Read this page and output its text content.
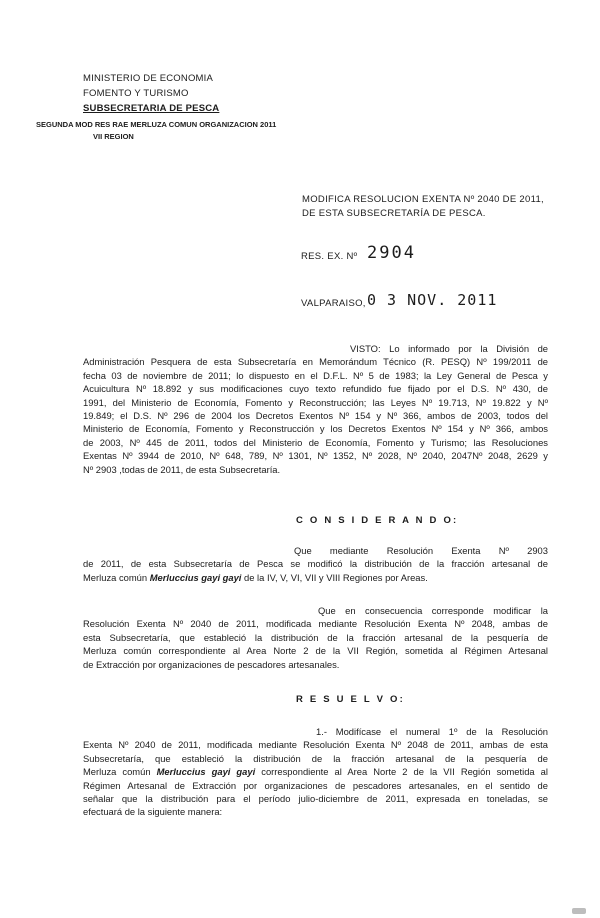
MINISTERIO DE ECONOMIA
FOMENTO Y TURISMO
SUBSECRETARIA DE PESCA
SEGUNDA MOD RES RAE MERLUZA COMUN ORGANIZACION 2011
VII REGION
MODIFICA RESOLUCION EXENTA Nº 2040 DE 2011,
DE ESTA SUBSECRETARÍA DE PESCA.
RES. EX. Nº 2904
VALPARAISO, 0 3 NOV. 2011
VISTO: Lo informado por la División de
Administración Pesquera de esta Subsecretaría en Memorándum Técnico (R. PESQ) Nº 199/2011 de
fecha 03 de noviembre de 2011; lo dispuesto en el D.F.L. Nº 5 de 1983; la Ley General de Pesca y
Acuicultura Nº 18.892 y sus modificaciones cuyo texto refundido fue fijado por el D.S. Nº 430, de
1991, del Ministerio de Economía, Fomento y Reconstrucción; las Leyes Nº 19.713, Nº 19.822 y Nº
19.849; el D.S. Nº 296 de 2004 los Decretos Exentos Nº 154 y Nº 366, ambos de 2003, todos del
Ministerio de Economía, Fomento y Reconstrucción y los Decretos Exentos Nº 154 y Nº 366, ambos
de 2003, Nº 445 de 2011, todos del Ministerio de Economía, Fomento y Turismo; las Resoluciones
Exentas Nº 3944 de 2010, Nº 648, 789, Nº 1301, Nº 1352, Nº 2028, Nº 2040, 2047Nº 2048, 2629 y
Nº 2903 ,todas de 2011, de esta Subsecretaría.
C O N S I D E R A N D O:
Que mediante Resolución Exenta Nº 2903
de 2011, de esta Subsecretaría de Pesca se modificó la distribución de la fracción artesanal de
Merluza común Merluccius gayi gayi de la IV, V, VI, VII y VIII Regiones por Areas.
Que en consecuencia corresponde modificar la
Resolución Exenta Nº 2040 de 2011, modificada mediante Resolución Exenta Nº 2048, ambas de
esta Subsecretaría, que estableció la distribución de la fracción artesanal de la pesquería de
Merluza común correspondiente al Area Norte 2 de la VII Región, sometida al Régimen Artesanal
de Extracción por organizaciones de pescadores artesanales.
R E S U E L V O:
1.- Modifícase el numeral 1º de la Resolución
Exenta Nº 2040 de 2011, modificada mediante Resolución Exenta Nº 2048 de 2011, ambas de esta
Subsecretaría, que estableció la distribución de la fracción artesanal de la pesquería de
Merluza común Merluccius gayi gayi correspondiente al Area Norte 2 de la VII Región sometida al
Régimen Artesanal de Extracción por organizaciones de pescadores artesanales, en el sentido de
señalar que la distribución para el período julio-diciembre de 2011, expresada en toneladas, se
efectuará de la siguiente manera:
